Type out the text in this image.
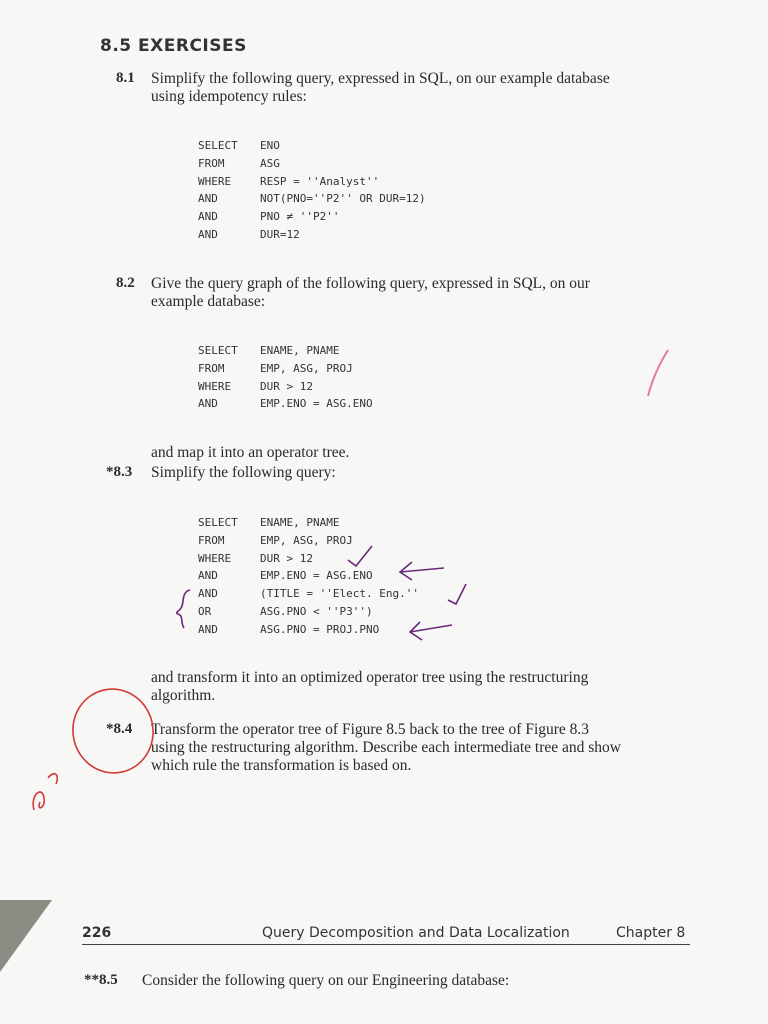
8.5 EXERCISES
8.1 Simplify the following query, expressed in SQL, on our example database
using idempotency rules:
SELECT	ENO
FROM	ASG
WHERE	RESP = ''Analyst''
AND	NOT(PNO=''P2'' OR DUR=12)
AND	PNO ≠ ''P2''
AND	DUR=12
8.2 Give the query graph of the following query, expressed in SQL, on our
example database:
SELECT	ENAME, PNAME
FROM	EMP, ASG, PROJ
WHERE	DUR > 12
AND	EMP.ENO = ASG.ENO
and map it into an operator tree.
*8.3 Simplify the following query:
SELECT	ENAME, PNAME
FROM	EMP, ASG, PROJ
WHERE	DUR > 12
AND	EMP.ENO = ASG.ENO
AND	(TITLE = ''Elect. Eng.''
OR	ASG.PNO < ''P3'')
AND	ASG.PNO = PROJ.PNO
and transform it into an optimized operator tree using the restructuring
algorithm.
*8.4 Transform the operator tree of Figure 8.5 back to the tree of Figure 8.3
using the restructuring algorithm. Describe each intermediate tree and show
which rule the transformation is based on.
226	Query Decomposition and Data Localization	Chapter 8
**8.5 Consider the following query on our Engineering database:
